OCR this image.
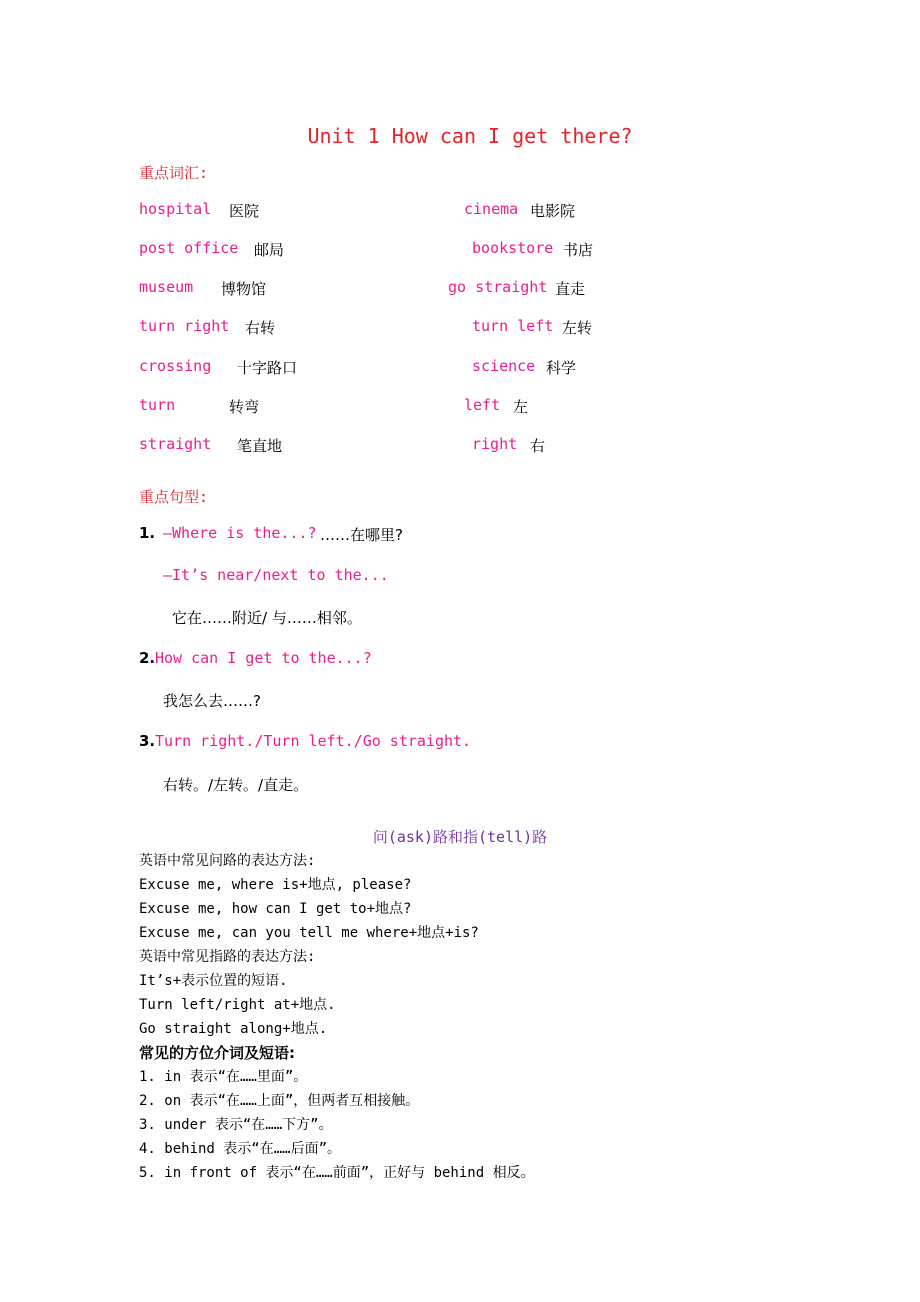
Unit 1 How can I get there?
重点词汇:
hospital 医院	cinema 电影院
post office 邮局	bookstore 书店
museum 博物馆	go straight 直走
turn right 右转	turn left 左转
crossing 十字路口	science 科学
turn	转弯	left 左
straight 笔直地	right 右
重点句型:
1. —Where is the...? ……在哪里?
—It’s near/next to the...
它在……附近/ 与……相邻。
2. How can I get to the...?
我怎么去……?
3. Turn right./Turn left./Go straight.
右转。/左转。/直走。
问(ask)路和指(tell)路
英语中常见问路的表达方法:
Excuse me, where is+地点, please?
Excuse me, how can I get to+地点?
Excuse me, can you tell me where+地点+is?
英语中常见指路的表达方法:
It’s+表示位置的短语.
Turn left/right at+地点.
Go straight along+地点.
常见的方位介词及短语:
1. in 表示“在……里面”。
2. on 表示“在……上面”，但两者互相接触。
3. under 表示“在……下方”。
4. behind 表示“在……后面”。
5. in front of 表示“在……前面”，正好与 behind 相反。
